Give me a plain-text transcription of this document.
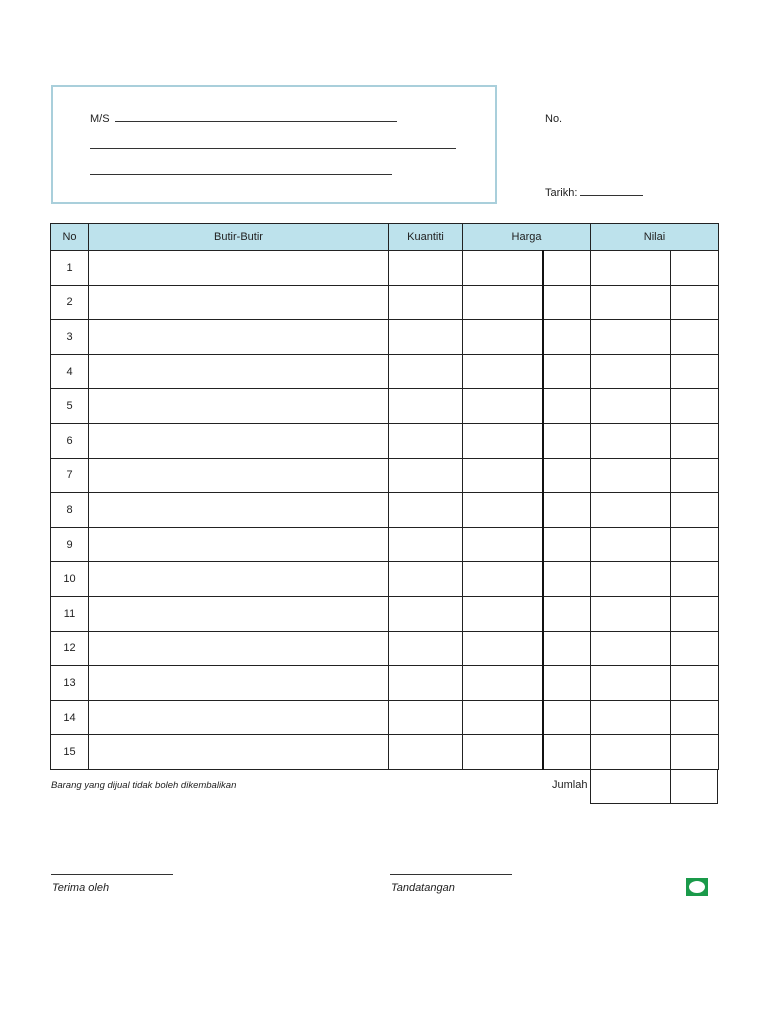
M/S	No.
Tarikh:
No	Butir-Butir	Kuantiti	Harga		Nilai	
1						
2						
3						
4						
5						
6						
7						
8						
9						
10						
11						
12						
13						
14						
15						
Barang yang dijual tidak boleh dikembalikan	Jumlah
Terima oleh	Tandatangan
